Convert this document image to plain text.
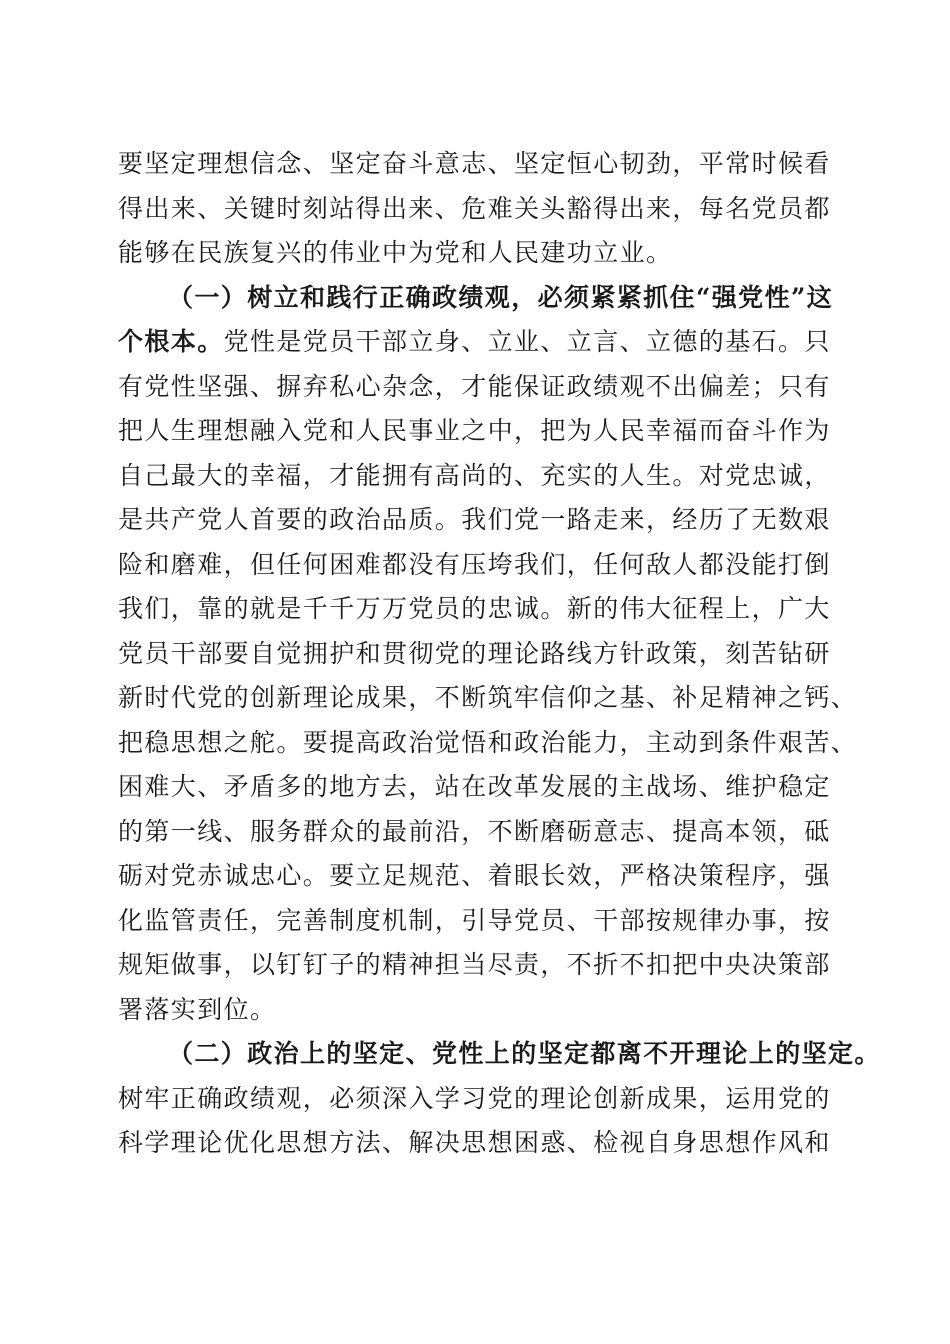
要坚定理想信念、坚定奋斗意志、坚定恒心韧劲，平常时候看
得出来、关键时刻站得出来、危难关头豁得出来，每名党员都
能够在民族复兴的伟业中为党和人民建功立业。
（一）树立和践行正确政绩观，必须紧紧抓住“强党性”这
个根本。党性是党员干部立身、立业、立言、立德的基石。只
有党性坚强、摒弃私心杂念，才能保证政绩观不出偏差；只有
把人生理想融入党和人民事业之中，把为人民幸福而奋斗作为
自己最大的幸福，才能拥有高尚的、充实的人生。对党忠诚，
是共产党人首要的政治品质。我们党一路走来，经历了无数艰
险和磨难，但任何困难都没有压垮我们，任何敌人都没能打倒
我们，靠的就是千千万万党员的忠诚。新的伟大征程上，广大
党员干部要自觉拥护和贯彻党的理论路线方针政策，刻苦钻研
新时代党的创新理论成果，不断筑牢信仰之基、补足精神之钙、
把稳思想之舵。要提高政治觉悟和政治能力，主动到条件艰苦、
困难大、矛盾多的地方去，站在改革发展的主战场、维护稳定
的第一线、服务群众的最前沿，不断磨砺意志、提高本领，砥
砺对党赤诚忠心。要立足规范、着眼长效，严格决策程序，强
化监管责任，完善制度机制，引导党员、干部按规律办事，按
规矩做事，以钉钉子的精神担当尽责，不折不扣把中央决策部
署落实到位。
（二）政治上的坚定、党性上的坚定都离不开理论上的坚定。
树牢正确政绩观，必须深入学习党的理论创新成果，运用党的
科学理论优化思想方法、解决思想困惑、检视自身思想作风和
